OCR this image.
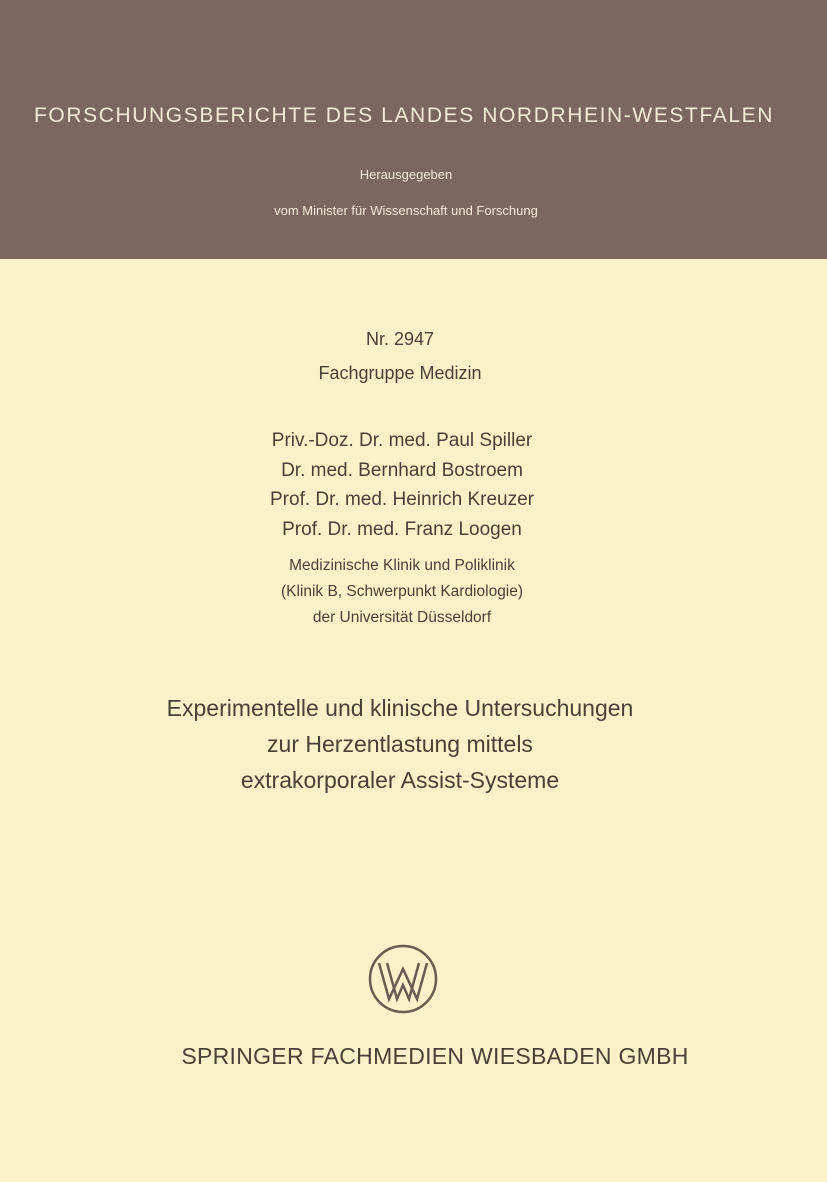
FORSCHUNGSBERICHTE DES LANDES NORDRHEIN-WESTFALEN
Herausgegeben
vom Minister für Wissenschaft und Forschung
Nr. 2947
Fachgruppe Medizin
Priv.-Doz. Dr. med. Paul Spiller
Dr. med. Bernhard Bostroem
Prof. Dr. med. Heinrich Kreuzer
Prof. Dr. med. Franz Loogen
Medizinische Klinik und Poliklinik
(Klinik B, Schwerpunkt Kardiologie)
der Universität Düsseldorf
Experimentelle und klinische Untersuchungen
zur Herzentlastung mittels
extrakorporaler Assist-Systeme
SPRINGER FACHMEDIEN WIESBADEN GMBH
